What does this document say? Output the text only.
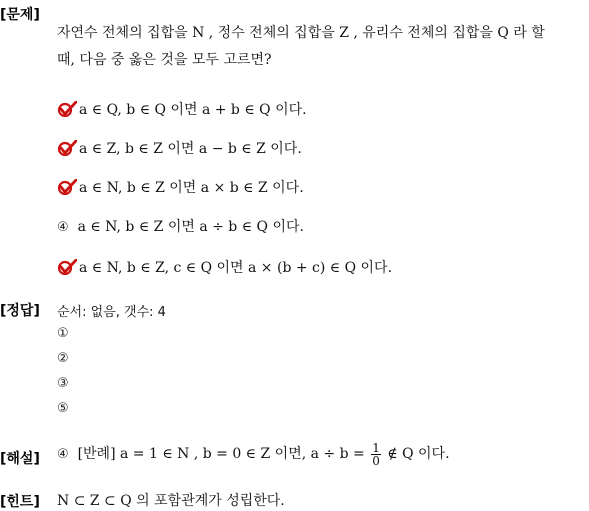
[문제]
자연수 전체의 집합을 N , 정수 전체의 집합을 Z , 유리수 전체의 집합을 Q 라 할
때, 다음 중 옳은 것을 모두 고르면?
a ∈ Q, b ∈ Q 이면 a + b ∈ Q 이다.
a ∈ Z, b ∈ Z 이면 a − b ∈ Z 이다.
a ∈ N, b ∈ Z 이면 a × b ∈ Z 이다.
④ a ∈ N, b ∈ Z 이면 a ÷ b ∈ Q 이다.
a ∈ N, b ∈ Z, c ∈ Q 이면 a × (b + c) ∈ Q 이다.
[정답] 순서: 없음, 갯수: 4
①
②
③
⑤
[해설] ④ [반례] a = 1 ∈ N , b = 0 ∈ Z 이면, $a \div b = \frac{1}{0}$ ∉ Q 이다.
[힌트] N ⊂ Z ⊂ Q 의 포함관계가 성립한다.
